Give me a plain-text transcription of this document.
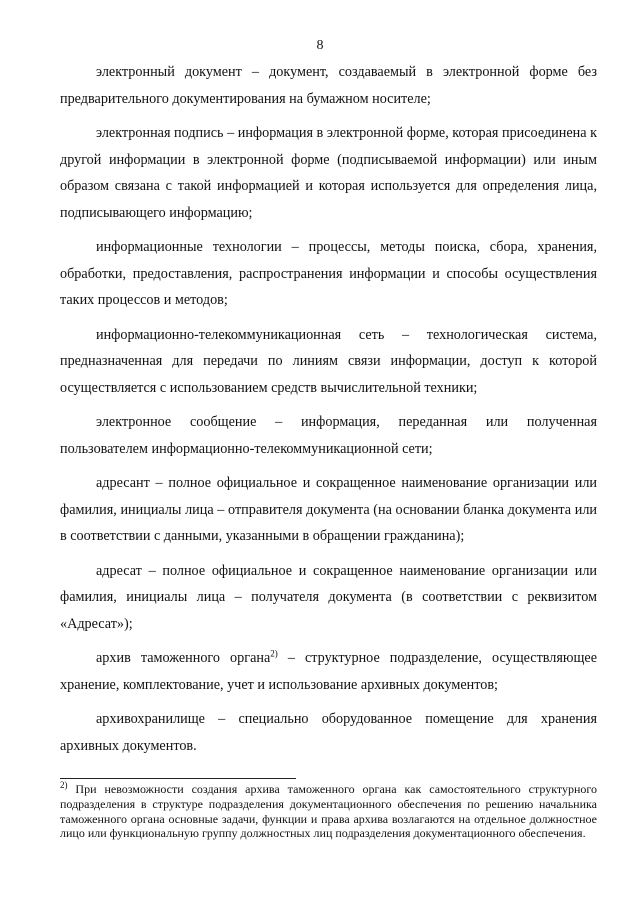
8

электронный документ – документ, создаваемый в электронной форме без предварительного документирования на бумажном носителе;

электронная подпись – информация в электронной форме, которая присоединена к другой информации в электронной форме (подписываемой информации) или иным образом связана с такой информацией и которая используется для определения лица, подписывающего информацию;

информационные технологии – процессы, методы поиска, сбора, хранения, обработки, предоставления, распространения информации и способы осуществления таких процессов и методов;

информационно-телекоммуникационная сеть – технологическая система, предназначенная для передачи по линиям связи информации, доступ к которой осуществляется с использованием средств вычислительной техники;

электронное сообщение – информация, переданная или полученная пользователем информационно-телекоммуникационной сети;

адресант – полное официальное и сокращенное наименование организации или фамилия, инициалы лица – отправителя документа (на основании бланка документа или в соответствии с данными, указанными в обращении гражданина);

адресат – полное официальное и сокращенное наименование организации или фамилия, инициалы лица – получателя документа (в соответствии с реквизитом «Адресат»);

архив таможенного органа$^{2)}$ – структурное подразделение, осуществляющее хранение, комплектование, учет и использование архивных документов;

архивохранилище – специально оборудованное помещение для хранения архивных документов.

$^{2)}$ При невозможности создания архива таможенного органа как самостоятельного структурного подразделения в структуре подразделения документационного обеспечения по решению начальника таможенного органа основные задачи, функции и права архива возлагаются на отдельное должностное лицо или функциональную группу должностных лиц подразделения документационного обеспечения.
